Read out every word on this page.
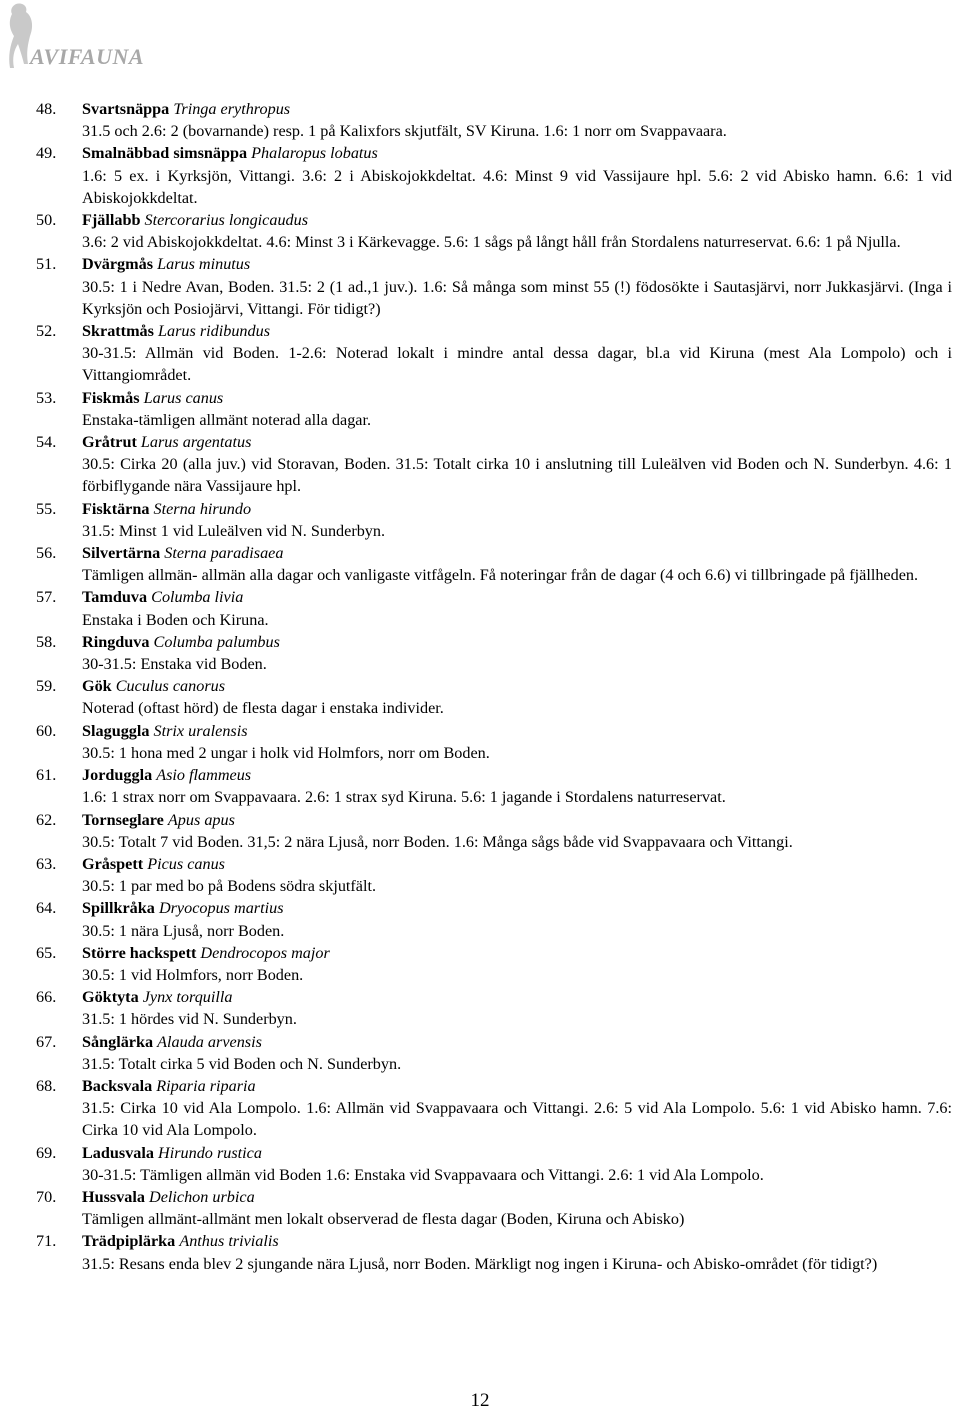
AVIFAUNA
48.	Svartsnäppa Tringa erythropus
31.5 och 2.6: 2 (bovarnande) resp. 1 på Kalixfors skjutfält, SV Kiruna. 1.6: 1 norr om Svappavaara.
49.	Smalnäbbad simsnäppa Phalaropus lobatus
1.6: 5 ex. i Kyrksjön, Vittangi. 3.6: 2 i Abiskojokkdeltat. 4.6: Minst 9 vid Vassijaure hpl. 5.6: 2 vid Abisko hamn. 6.6: 1 vid Abiskojokkdeltat.
50.	Fjällabb Stercorarius longicaudus
3.6: 2 vid Abiskojokkdeltat. 4.6: Minst 3 i Kärkevagge. 5.6: 1 sågs på långt håll från Stordalens naturreservat. 6.6: 1 på Njulla.
51.	Dvärgmås Larus minutus
30.5: 1 i Nedre Avan, Boden. 31.5: 2 (1 ad.,1 juv.). 1.6: Så många som minst 55 (!) födosökte i Sautasjärvi, norr Jukkasjärvi. (Inga i Kyrksjön och Posiojärvi, Vittangi. För tidigt?)
52.	Skrattmås Larus ridibundus
30-31.5: Allmän vid Boden. 1-2.6: Noterad lokalt i mindre antal dessa dagar, bl.a vid Kiruna (mest Ala Lompolo) och i Vittangiområdet.
53.	Fiskmås Larus canus
Enstaka-tämligen allmänt noterad alla dagar.
54.	Gråtrut Larus argentatus
30.5: Cirka 20 (alla juv.) vid Storavan, Boden. 31.5: Totalt cirka 10 i anslutning till Luleälven vid Boden och N. Sunderbyn. 4.6: 1 förbiflygande nära Vassijaure hpl.
55.	Fisktärna Sterna hirundo
31.5: Minst 1 vid Luleälven vid N. Sunderbyn.
56.	Silvertärna Sterna paradisaea
Tämligen allmän- allmän alla dagar och vanligaste vitfågeln. Få noteringar från de dagar (4 och 6.6) vi tillbringade på fjällheden.
57.	Tamduva Columba livia
Enstaka i Boden och Kiruna.
58.	Ringduva Columba palumbus
30-31.5: Enstaka vid Boden.
59.	Gök Cuculus canorus
Noterad (oftast hörd) de flesta dagar i enstaka individer.
60.	Slaguggla Strix uralensis
30.5: 1 hona med 2 ungar i holk vid Holmfors, norr om Boden.
61.	Jorduggla Asio flammeus
1.6: 1 strax norr om Svappavaara. 2.6: 1 strax syd Kiruna. 5.6: 1 jagande i Stordalens naturreservat.
62.	Tornseglare Apus apus
30.5: Totalt 7 vid Boden. 31,5: 2 nära Ljuså, norr Boden. 1.6: Många sågs både vid Svappavaara och Vittangi.
63.	Gråspett Picus canus
30.5: 1 par med bo på Bodens södra skjutfält.
64.	Spillkråka Dryocopus martius
30.5: 1 nära Ljuså, norr Boden.
65.	Större hackspett Dendrocopos major
30.5: 1 vid Holmfors, norr Boden.
66.	Göktyta Jynx torquilla
31.5: 1 hördes vid N. Sunderbyn.
67.	Sånglärka Alauda arvensis
31.5: Totalt cirka 5 vid Boden och N. Sunderbyn.
68.	Backsvala Riparia riparia
31.5: Cirka 10 vid Ala Lompolo. 1.6: Allmän vid Svappavaara och Vittangi. 2.6: 5 vid Ala Lompolo. 5.6: 1 vid Abisko hamn. 7.6: Cirka 10 vid Ala Lompolo.
69.	Ladusvala Hirundo rustica
30-31.5: Tämligen allmän vid Boden 1.6: Enstaka vid Svappavaara och Vittangi. 2.6: 1 vid Ala Lompolo.
70.	Hussvala Delichon urbica
Tämligen allmänt-allmänt men lokalt observerad de flesta dagar (Boden, Kiruna och Abisko)
71.	Trädpiplärka Anthus trivialis
31.5: Resans enda blev 2 sjungande nära Ljuså, norr Boden. Märkligt nog ingen i Kiruna- och Abisko-området (för tidigt?)
12
